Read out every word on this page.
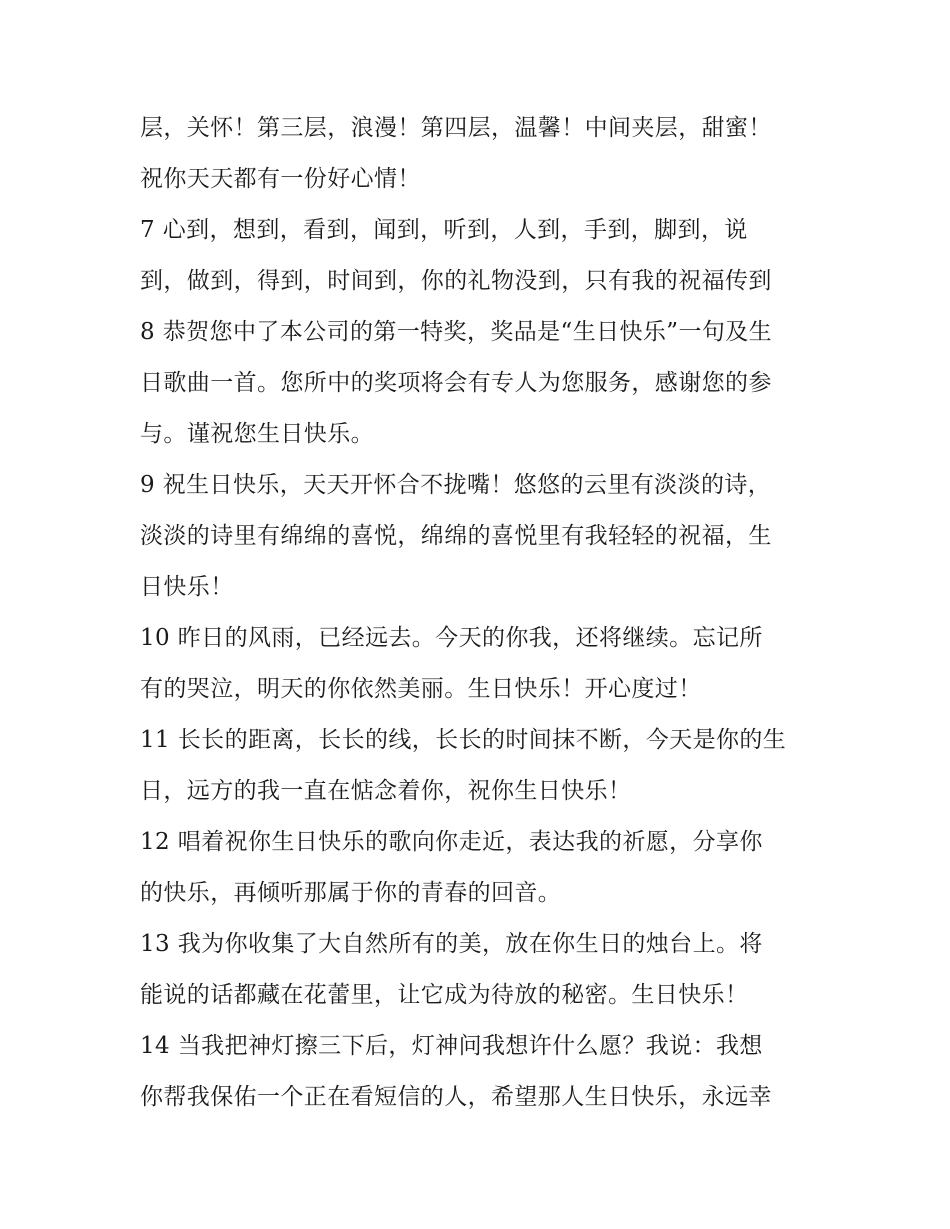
层，关怀！第三层，浪漫！第四层，温馨！中间夹层，甜蜜！
祝你天天都有一份好心情！
7 心到，想到，看到，闻到，听到，人到，手到，脚到，说
到，做到，得到，时间到，你的礼物没到，只有我的祝福传到
8 恭贺您中了本公司的第一特奖，奖品是“生日快乐”一句及生
日歌曲一首。您所中的奖项将会有专人为您服务，感谢您的参
与。谨祝您生日快乐。
9 祝生日快乐，天天开怀合不拢嘴！悠悠的云里有淡淡的诗，
淡淡的诗里有绵绵的喜悦，绵绵的喜悦里有我轻轻的祝福，生
日快乐！
10 昨日的风雨，已经远去。今天的你我，还将继续。忘记所
有的哭泣，明天的你依然美丽。生日快乐！开心度过！
11 长长的距离，长长的线，长长的时间抹不断，今天是你的生
日，远方的我一直在惦念着你，祝你生日快乐！
12 唱着祝你生日快乐的歌向你走近，表达我的祈愿，分享你
的快乐，再倾听那属于你的青春的回音。
13 我为你收集了大自然所有的美，放在你生日的烛台上。将
能说的话都藏在花蕾里，让它成为待放的秘密。生日快乐！
14 当我把神灯擦三下后，灯神问我想许什么愿？我说：我想
你帮我保佑一个正在看短信的人，希望那人生日快乐，永远幸
